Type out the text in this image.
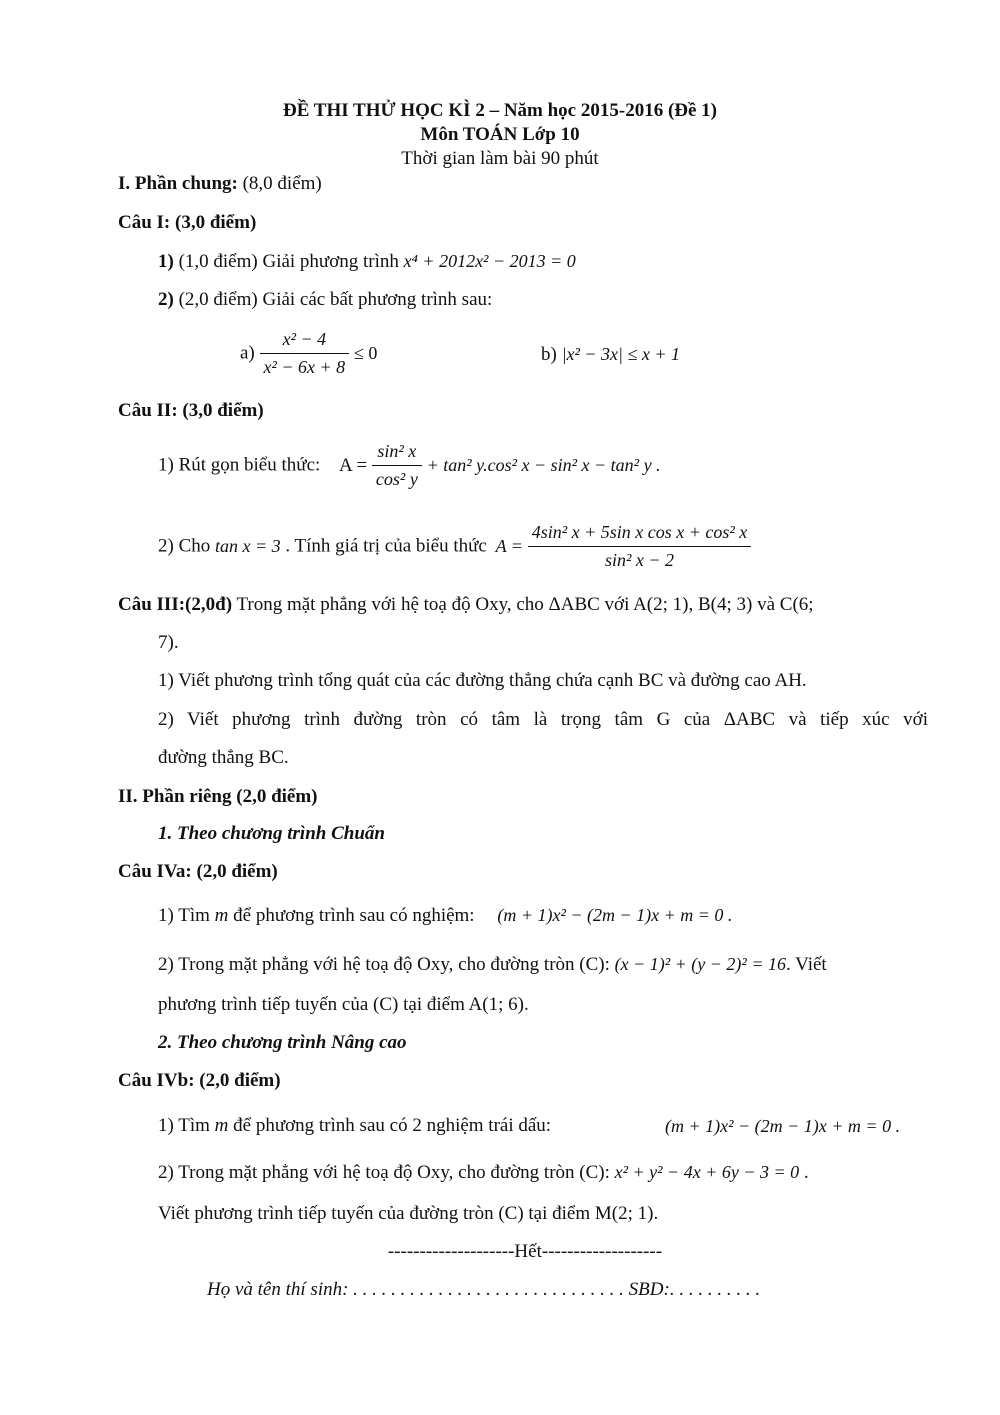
ĐỀ THI THỬ HỌC KÌ 2 – Năm học 2015-2016 (Đề 1)
Môn TOÁN Lớp 10
Thời gian làm bài 90 phút
I. Phần chung: (8,0 điểm)
Câu I: (3,0 điểm)
1) (1,0 điểm) Giải phương trình x⁴ + 2012x² − 2013 = 0
2) (2,0 điểm) Giải các bất phương trình sau:
$a) \frac{\text{x² − 4}}{\text{x² − 6x + 8}} \le 0$	b) |x² − 3x| ≤ x + 1
Câu II: (3,0 điểm)
1) Rút gọn biểu thức: $A = \frac{\text{sin² x}}{\text{cos² y}} + \tan^2$ y.cos² x − sin² x − tan² y .
2) Cho tan x = 3 . Tính giá trị của biểu thức $A = \frac{\text{4sin² x + 5sin x cos x + cos² x}}{\text{sin² x − 2}}$
Câu III:(2,0đ) Trong mặt phẳng với hệ toạ độ Oxy, cho ΔABC với A(2; 1), B(4; 3) và C(6;
7).
1) Viết phương trình tổng quát của các đường thẳng chứa cạnh BC và đường cao AH.
2) Viết phương trình đường tròn có tâm là trọng tâm G của ΔABC và tiếp xúc với
đường thẳng BC.
II. Phần riêng (2,0 điểm)
1. Theo chương trình Chuẩn
Câu IVa: (2,0 điểm)
1) Tìm m để phương trình sau có nghiệm: (m + 1)x² − (2m − 1)x + m = 0 .
2) Trong mặt phẳng với hệ toạ độ Oxy, cho đường tròn (C): (x − 1)² + (y − 2)² = 16. Viết
phương trình tiếp tuyến của (C) tại điểm A(1; 6).
2. Theo chương trình Nâng cao
Câu IVb: (2,0 điểm)
1) Tìm m để phương trình sau có 2 nghiệm trái dấu:	(m + 1)x² − (2m − 1)x + m = 0 .
2) Trong mặt phẳng với hệ toạ độ Oxy, cho đường tròn (C): x² + y² − 4x + 6y − 3 = 0 .
Viết phương trình tiếp tuyến của đường tròn (C) tại điểm M(2; 1).
--------------------Hết-------------------
Họ và tên thí sinh: . . . . . . . . . . . . . . . . . . . . . . . . . . . . . SBD:. . . . . . . . . .
